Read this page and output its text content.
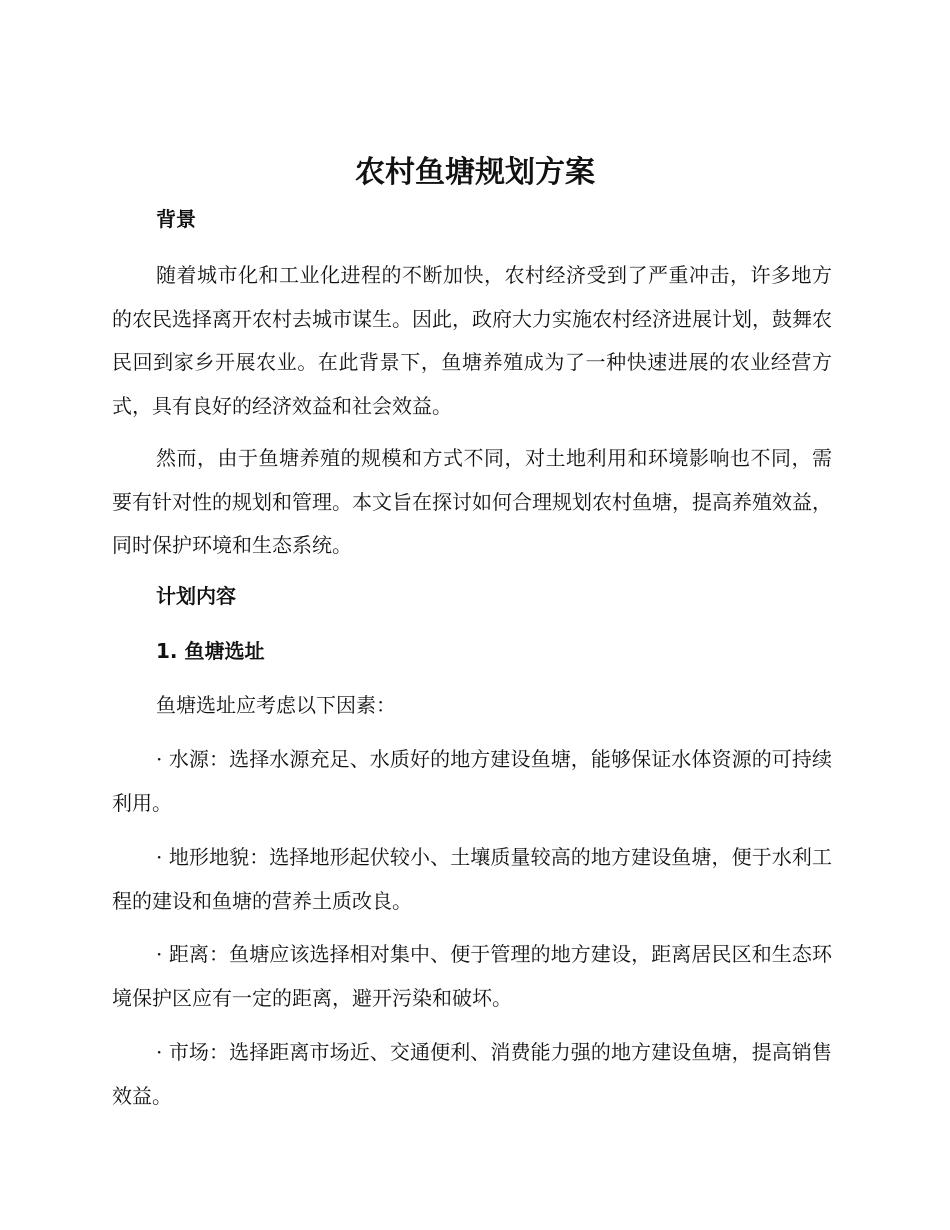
农村鱼塘规划方案
背景

随着城市化和工业化进程的不断加快，农村经济受到了严重冲击，许多地方的农民选择离开农村去城市谋生。因此，政府大力实施农村经济进展计划，鼓舞农民回到家乡开展农业。在此背景下，鱼塘养殖成为了一种快速进展的农业经营方式，具有良好的经济效益和社会效益。

然而，由于鱼塘养殖的规模和方式不同，对土地利用和环境影响也不同，需要有针对性的规划和管理。本文旨在探讨如何合理规划农村鱼塘，提高养殖效益，同时保护环境和生态系统。

计划内容
1. 鱼塘选址

鱼塘选址应考虑以下因素：

· 水源：选择水源充足、水质好的地方建设鱼塘，能够保证水体资源的可持续利用。

· 地形地貌：选择地形起伏较小、土壤质量较高的地方建设鱼塘，便于水利工程的建设和鱼塘的营养土质改良。

· 距离：鱼塘应该选择相对集中、便于管理的地方建设，距离居民区和生态环境保护区应有一定的距离，避开污染和破坏。

· 市场：选择距离市场近、交通便利、消费能力强的地方建设鱼塘，提高销售效益。
